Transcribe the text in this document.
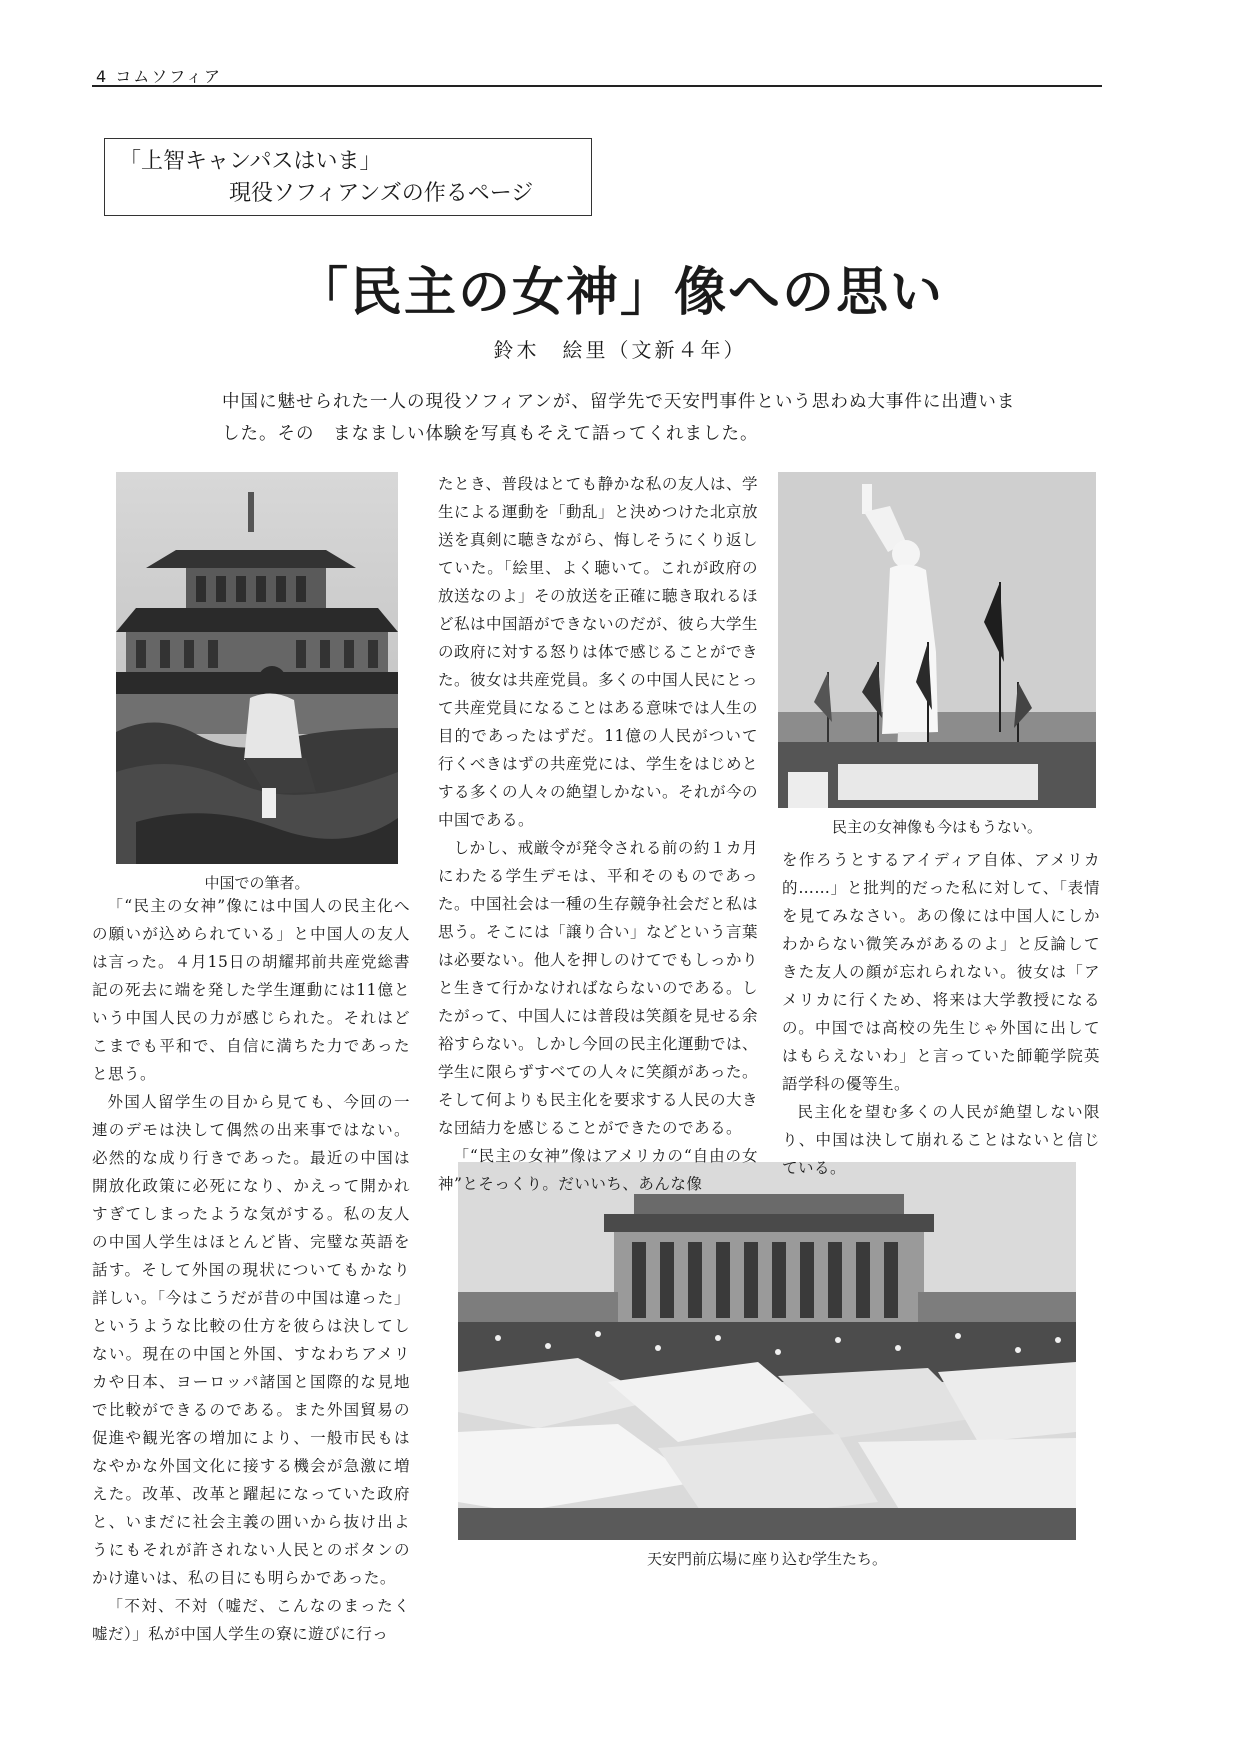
4 コムソフィア
「上智キャンパスはいま」
現役ソフィアンズの作るページ
「民主の女神」像への思い
鈴木　絵里（文新４年）
中国に魅せられた一人の現役ソフィアンが、留学先で天安門事件という思わぬ大事件に出遭いました。その　まなましい体験を写真もそえて語ってくれました。
中国での筆者。
民主の女神像も今はもうない。
天安門前広場に座り込む学生たち。

「“民主の女神”像には中国人の民主化への願いが込められている」と中国人の友人は言った。４月15日の胡耀邦前共産党総書記の死去に端を発した学生運動には11億という中国人民の力が感じられた。それはどこまでも平和で、自信に満ちた力であったと思う。

外国人留学生の目から見ても、今回の一連のデモは決して偶然の出来事ではない。必然的な成り行きであった。最近の中国は開放化政策に必死になり、かえって開かれすぎてしまったような気がする。私の友人の中国人学生はほとんど皆、完璧な英語を話す。そして外国の現状についてもかなり詳しい。「今はこうだが昔の中国は違った」というような比較の仕方を彼らは決してしない。現在の中国と外国、すなわちアメリカや日本、ヨーロッパ諸国と国際的な見地で比較ができるのである。また外国貿易の促進や観光客の増加により、一般市民もはなやかな外国文化に接する機会が急激に増えた。改革、改革と躍起になっていた政府と、いまだに社会主義の囲いから抜け出ようにもそれが許されない人民とのボタンのかけ違いは、私の目にも明らかであった。

「不対、不対（嘘だ、こんなのまったく嘘だ）」私が中国人学生の寮に遊びに行っ

たとき、普段はとても静かな私の友人は、学生による運動を「動乱」と決めつけた北京放送を真剣に聴きながら、悔しそうにくり返していた。「絵里、よく聴いて。これが政府の放送なのよ」その放送を正確に聴き取れるほど私は中国語ができないのだが、彼ら大学生の政府に対する怒りは体で感じることができた。彼女は共産党員。多くの中国人民にとって共産党員になることはある意味では人生の目的であったはずだ。11億の人民がついて行くべきはずの共産党には、学生をはじめとする多くの人々の絶望しかない。それが今の中国である。

しかし、戒厳令が発令される前の約１カ月にわたる学生デモは、平和そのものであった。中国社会は一種の生存競争社会だと私は思う。そこには「譲り合い」などという言葉は必要ない。他人を押しのけてでもしっかりと生きて行かなければならないのである。したがって、中国人には普段は笑顔を見せる余裕すらない。しかし今回の民主化運動では、学生に限らずすべての人々に笑顔があった。そして何よりも民主化を要求する人民の大きな団結力を感じることができたのである。

「“民主の女神”像はアメリカの“自由の女神”とそっくり。だいいち、あんな像

を作ろうとするアイディア自体、アメリカ的……」と批判的だった私に対して、「表情を見てみなさい。あの像には中国人にしかわからない微笑みがあるのよ」と反論してきた友人の顔が忘れられない。彼女は「アメリカに行くため、将来は大学教授になるの。中国では高校の先生じゃ外国に出してはもらえないわ」と言っていた師範学院英語学科の優等生。

民主化を望む多くの人民が絶望しない限り、中国は決して崩れることはないと信じている。
